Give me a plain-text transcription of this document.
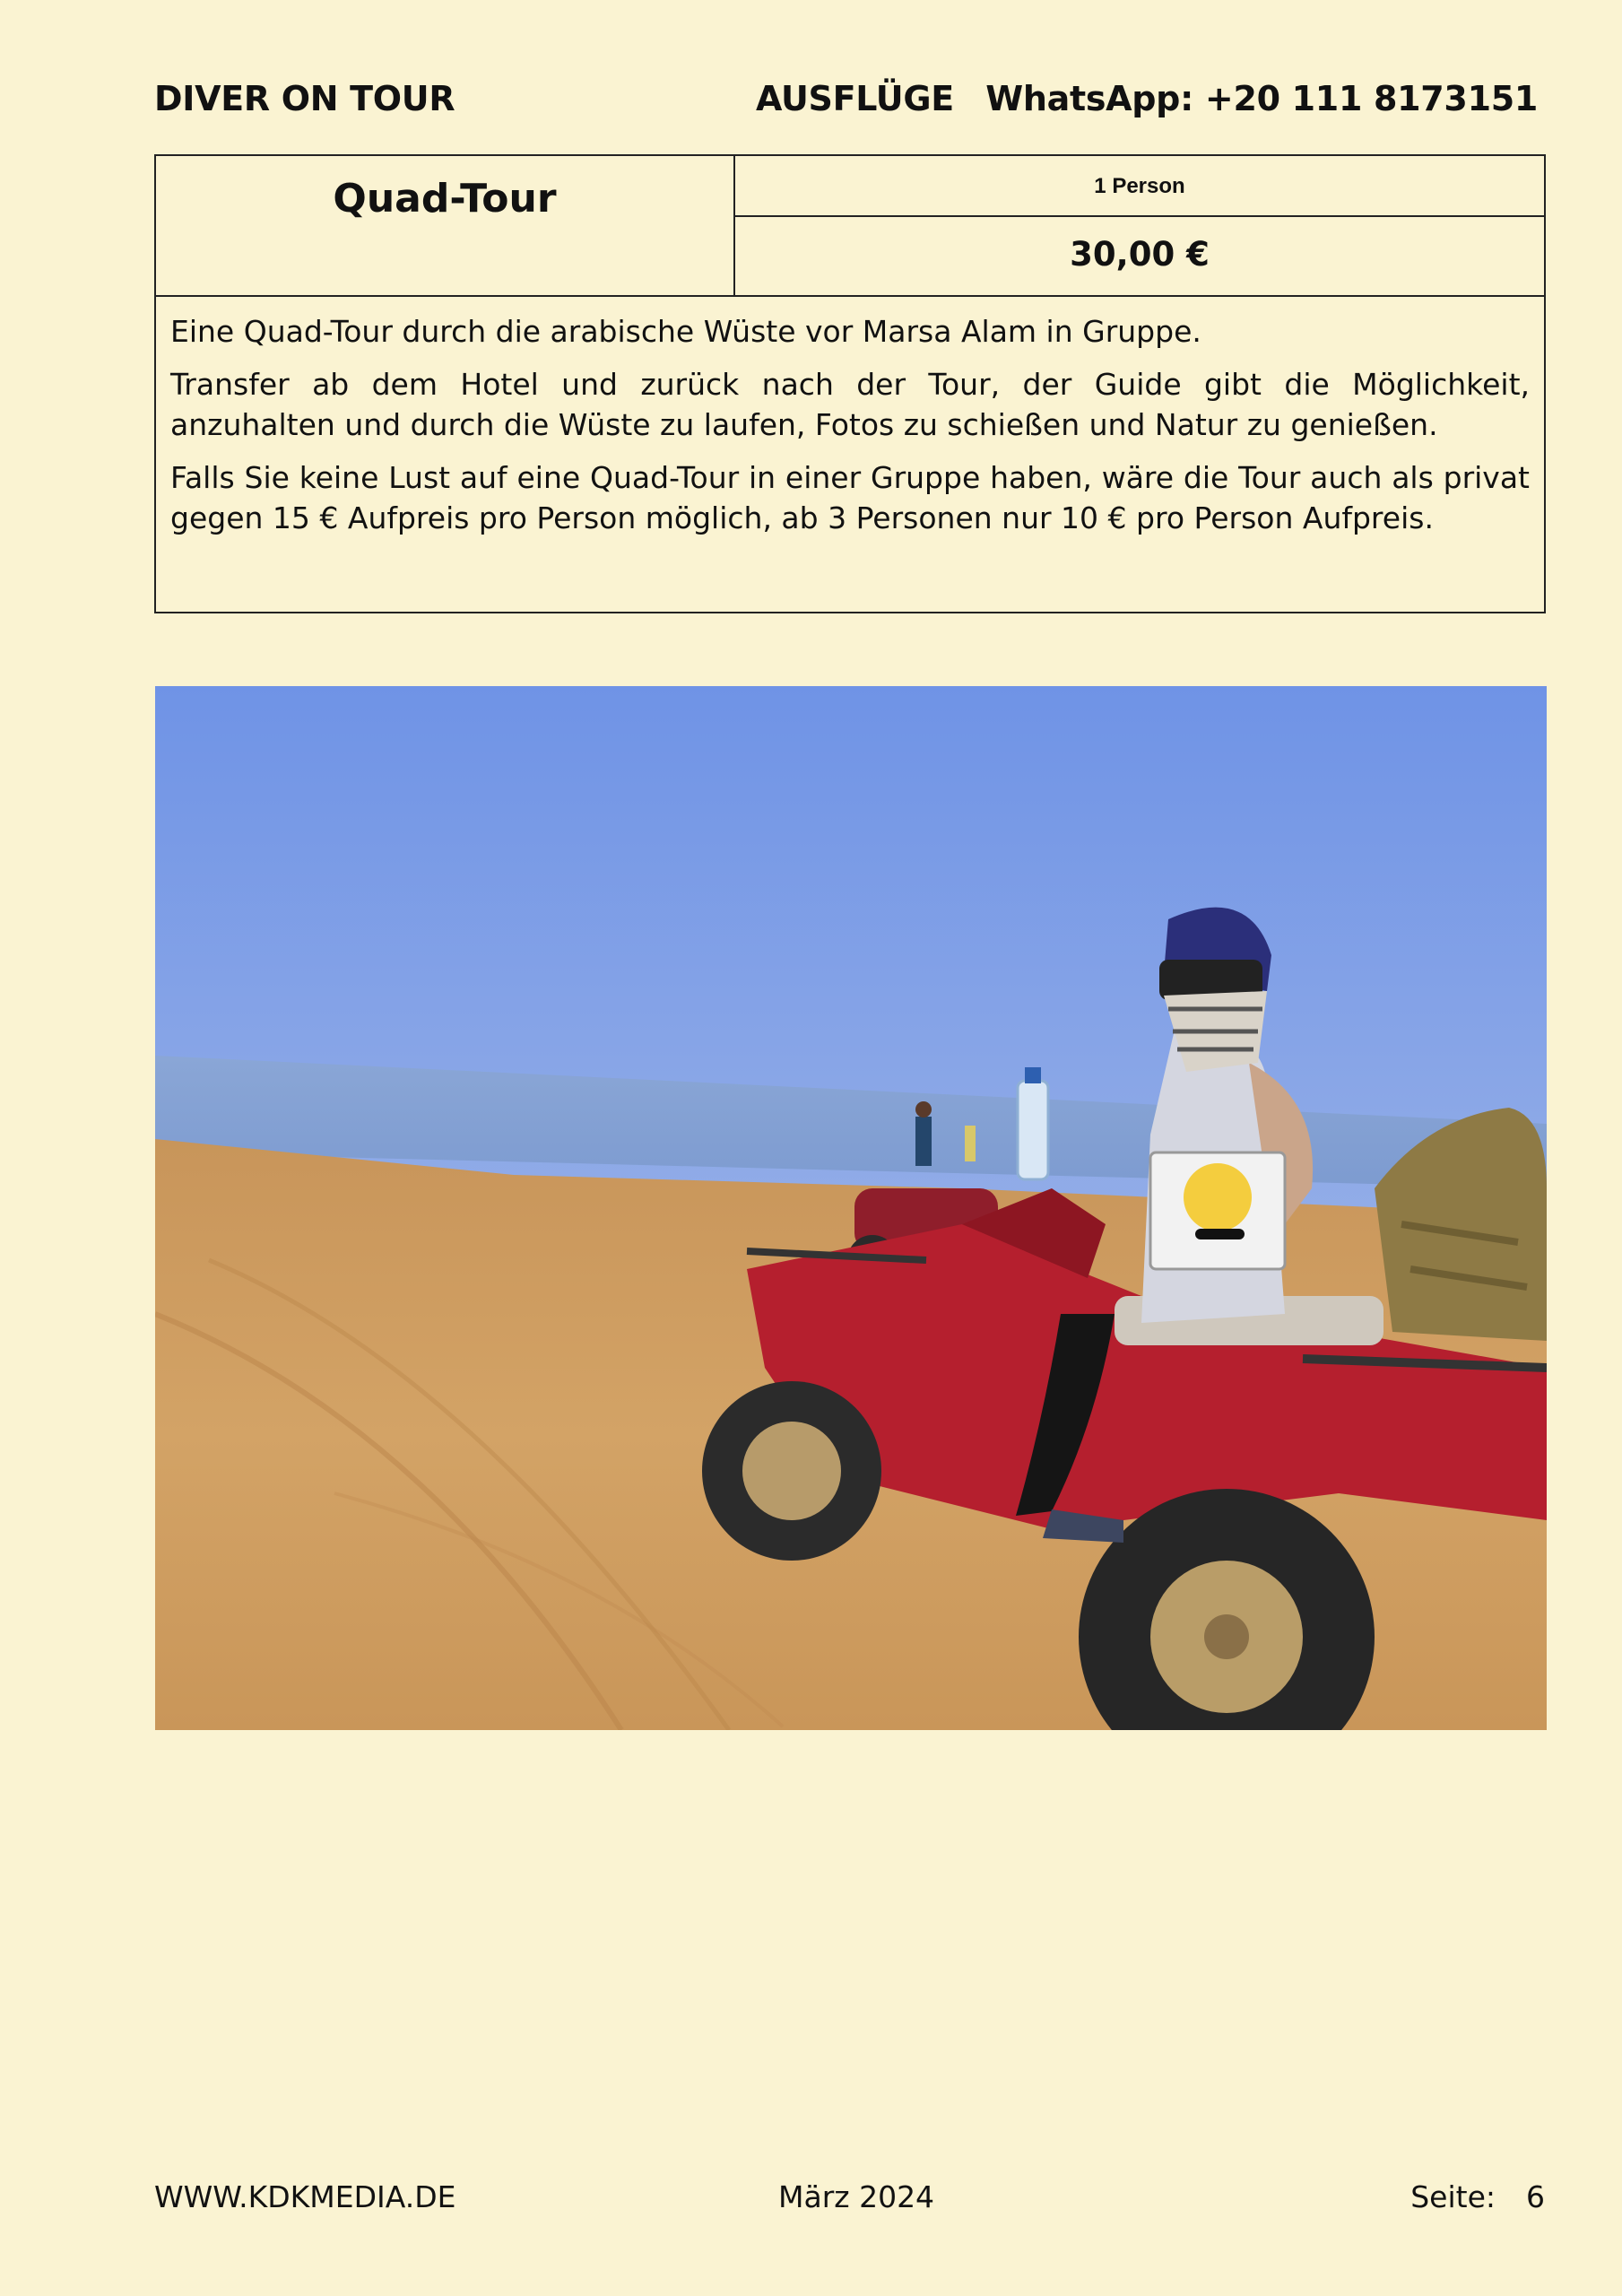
DIVER ON TOUR	AUSFLÜGE WhatsApp: +20 111 8173151
Quad-Tour	1 Person
30,00 €

Eine Quad-Tour durch die arabische Wüste vor Marsa Alam in Gruppe.

Transfer ab dem Hotel und zurück nach der Tour, der Guide gibt die Möglichkeit, anzuhalten und durch die Wüste zu laufen, Fotos zu schießen und Natur zu genießen.

Falls Sie keine Lust auf eine Quad-Tour in einer Gruppe haben, wäre die Tour auch als privat gegen 15 € Aufpreis pro Person möglich, ab 3 Personen nur 10 € pro Person Aufpreis.

WWW.KDKMEDIA.DE	März 2024	Seite: 6
